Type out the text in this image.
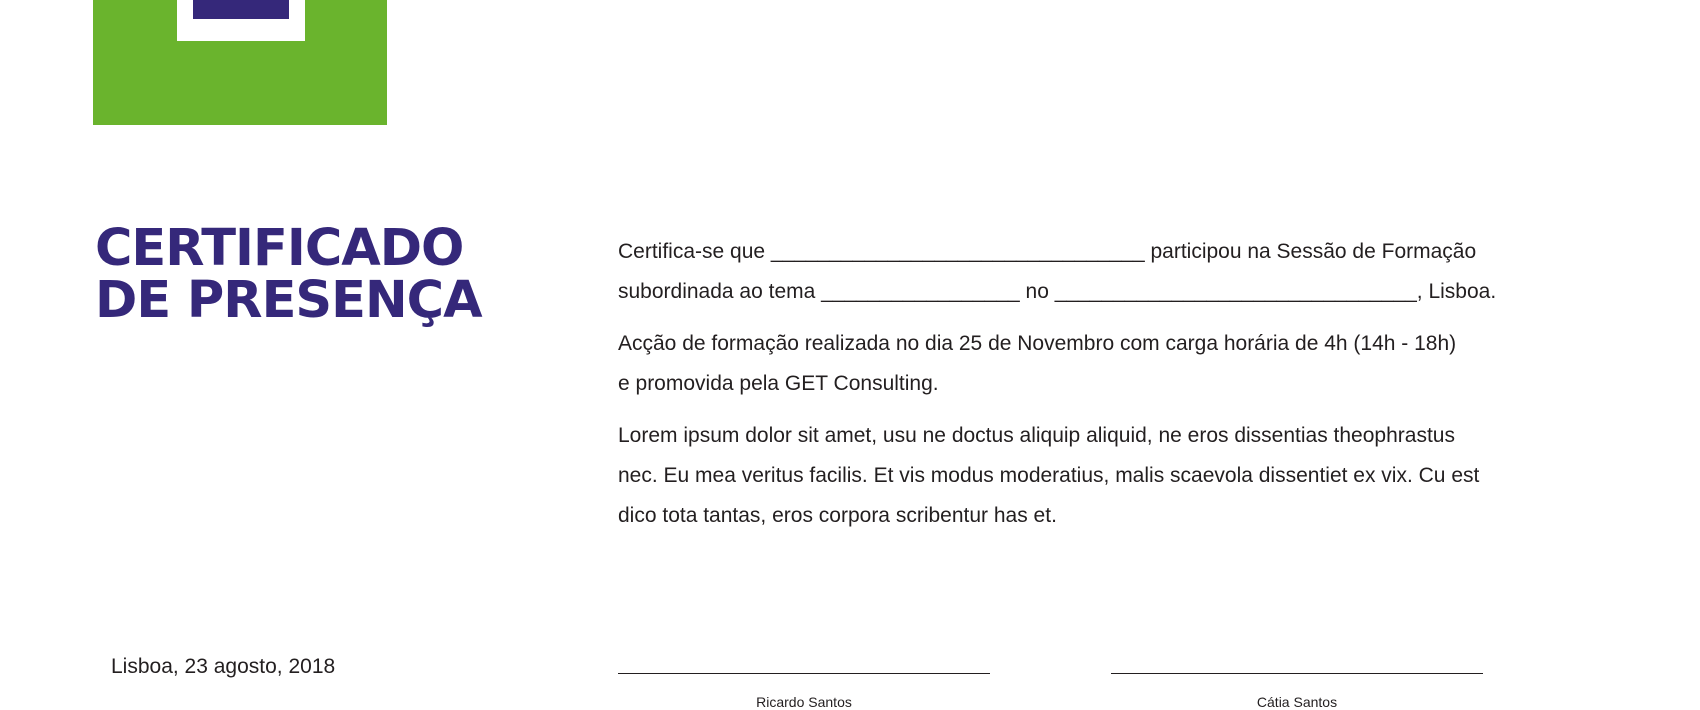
CERTIFICADO
DE PRESENÇA

Certifica-se que ________________________________ participou na Sessão de Formação
subordinada ao tema _________________ no _______________________________, Lisboa.

Acção de formação realizada no dia 25 de Novembro com carga horária de 4h (14h - 18h)
e promovida pela GET Consulting.

Lorem ipsum dolor sit amet, usu ne doctus aliquip aliquid, ne eros dissentias theophrastus
nec. Eu mea veritus facilis. Et vis modus moderatius, malis scaevola dissentiet ex vix. Cu est
dico tota tantas, eros corpora scribentur has et.

Lisboa, 23 agosto, 2018
Ricardo Santos	Cátia Santos
